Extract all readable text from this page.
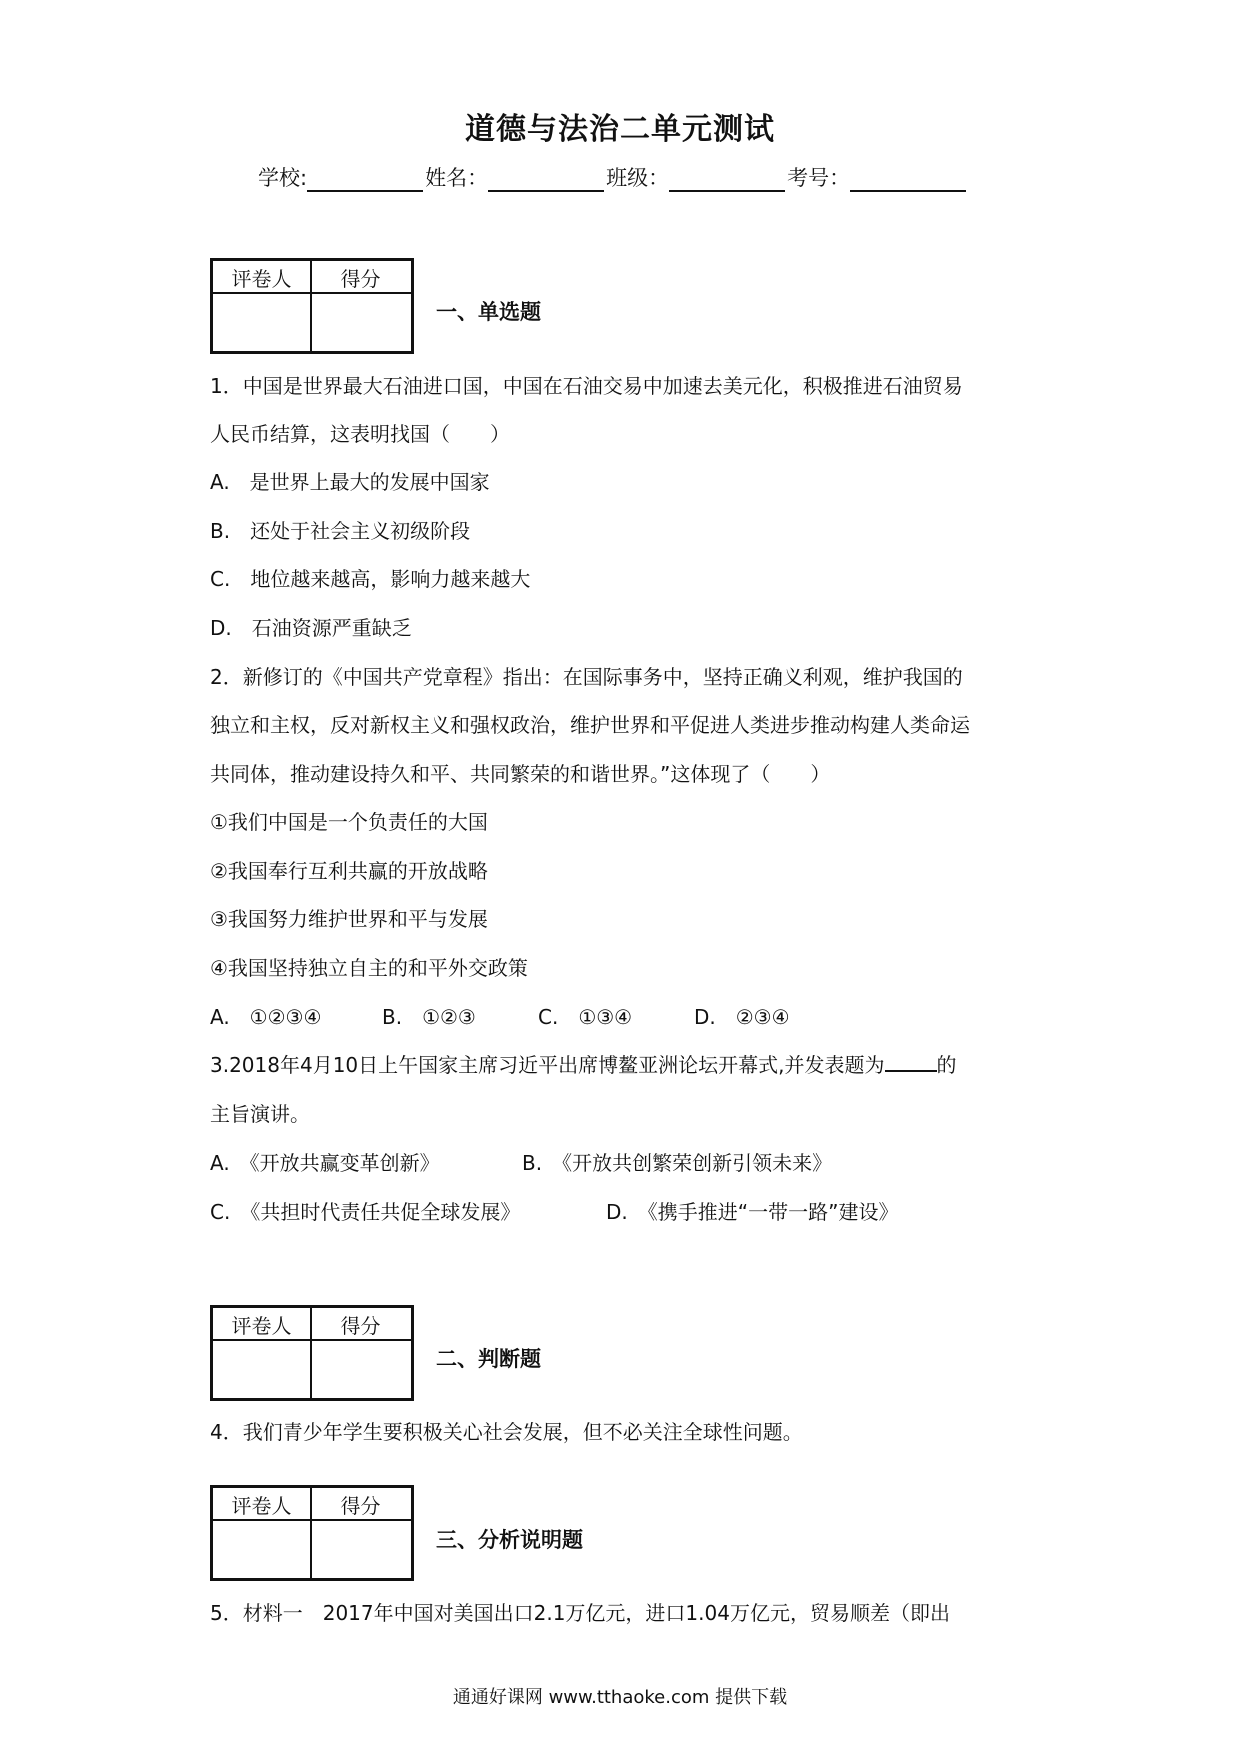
道德与法治二单元测试
学校:	姓名：	班级：	考号：
评卷人	得分
一、单选题
1．中国是世界最大石油进口国，中国在石油交易中加速去美元化，积极推进石油贸易
人民币结算，这表明找国（　　）
A.　是世界上最大的发展中国家
B.　还处于社会主义初级阶段
C.　地位越来越高，影响力越来越大
D.　石油资源严重缺乏
2．新修订的《中国共产党章程》指出：在国际事务中，坚持正确义利观，维护我国的
独立和主权，反对新权主义和强权政治，维护世界和平促进人类进步推动构建人类命运
共同体，推动建设持久和平、共同繁荣的和谐世界。”这体现了（　　）
①我们中国是一个负责任的大国
②我国奉行互利共赢的开放战略
③我国努力维护世界和平与发展
④我国坚持独立自主的和平外交政策
A.　①②③④	B.　①②③	C.　①③④	D.　②③④
3.2018年4月10日上午国家主席习近平出席博鳌亚洲论坛开幕式,并发表题为	的
主旨演讲。
A.　《开放共赢变革创新》	B.　《开放共创繁荣创新引领未来》
C.　《共担时代责任共促全球发展》	D.　《携手推进“一带一路”建设》
评卷人	得分
二、判断题
4．我们青少年学生要积极关心社会发展，但不必关注全球性问题。
评卷人	得分
三、分析说明题
5．材料一　2017年中国对美国出口2.1万亿元，进口1.04万亿元，贸易顺差（即出
通通好课网 www.tthaoke.com 提供下载
